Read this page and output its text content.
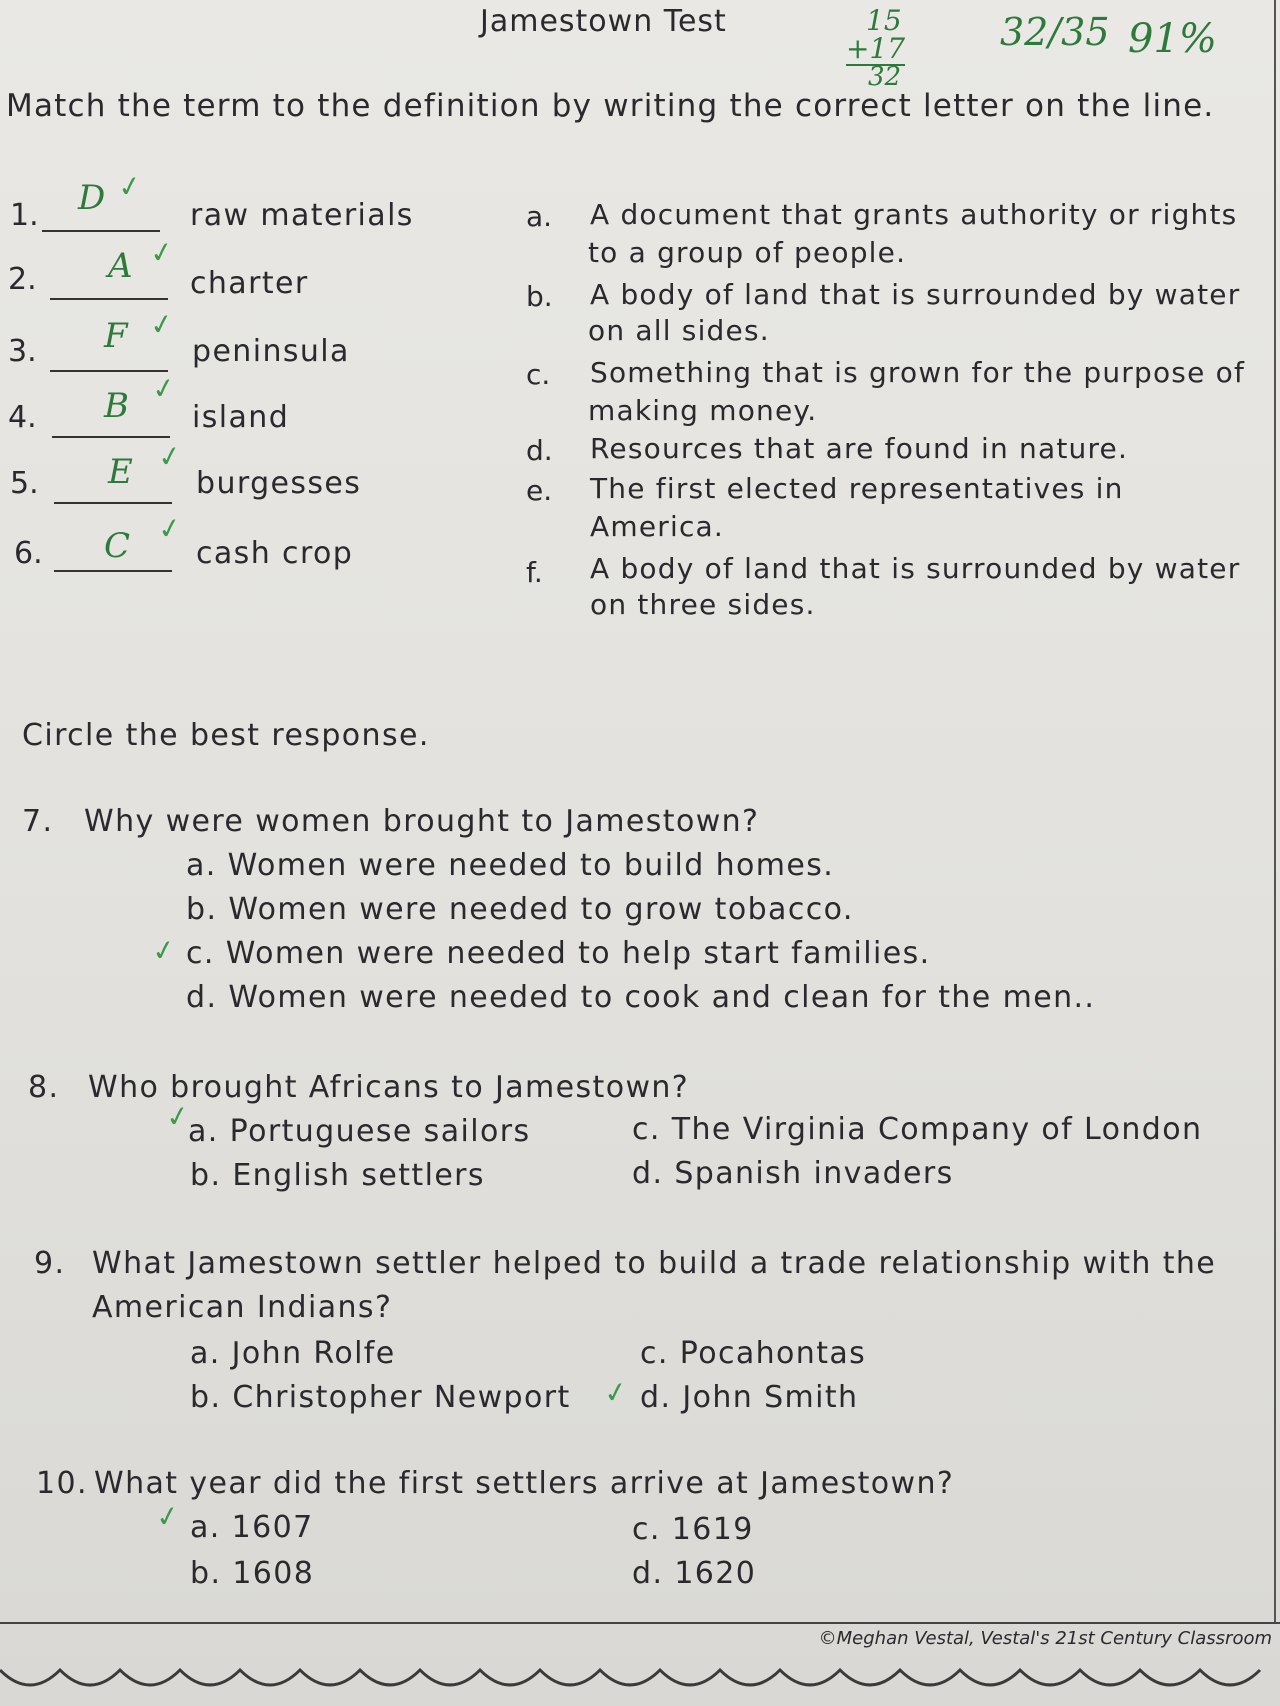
Jamestown Test	15
+17
32
32/35 91%
Match the term to the definition by writing the correct letter on the line.
1. D ✓
raw materials
2. A ✓
charter
3. F ✓
peninsula
4. B ✓
island
5. E ✓
burgesses
6. C ✓
cash crop
a. A document that grants authority or rights
to a group of people.
b. A body of land that is surrounded by water
on all sides.
c. Something that is grown for the purpose of
making money.
d. Resources that are found in nature.
e. The first elected representatives in
America.
f. A body of land that is surrounded by water
on three sides.
Circle the best response.
7. Why were women brought to Jamestown?
a. Women were needed to build homes.
b. Women were needed to grow tobacco.
✓ c. Women were needed to help start families.
d. Women were needed to cook and clean for the men..
8. Who brought Africans to Jamestown?
✓
a. Portuguese sailors	c. The Virginia Company of London
b. English settlers	d. Spanish invaders
9. What Jamestown settler helped to build a trade relationship with the
American Indians?
a. John Rolfe	c. Pocahontas
b. Christopher Newport ✓ d. John Smith
10. What year did the first settlers arrive at Jamestown?
✓ a. 1607	c. 1619
b. 1608	d. 1620
©Meghan Vestal, Vestal's 21st Century Classroom
